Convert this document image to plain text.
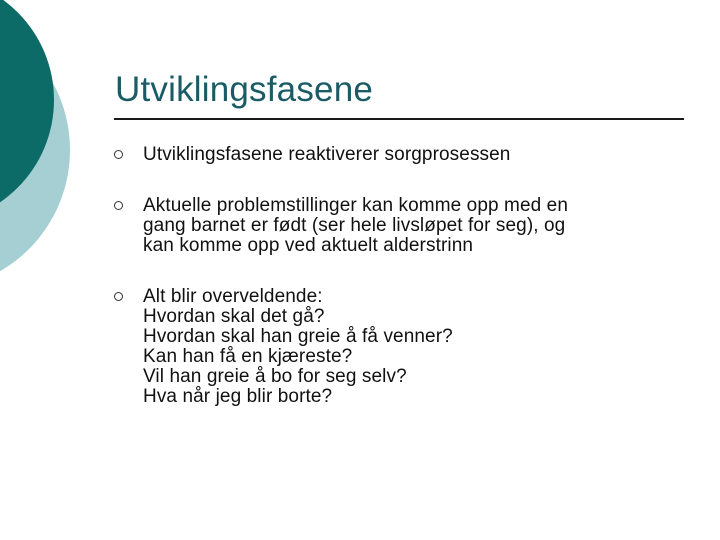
Utviklingsfasene
Utviklingsfasene reaktiverer sorgprosessen
Aktuelle problemstillinger kan komme opp med en
gang barnet er født (ser hele livsløpet for seg), og
kan komme opp ved aktuelt alderstrinn
Alt blir overveldende:
Hvordan skal det gå?
Hvordan skal han greie å få venner?
Kan han få en kjæreste?
Vil han greie å bo for seg selv?
Hva når jeg blir borte?
